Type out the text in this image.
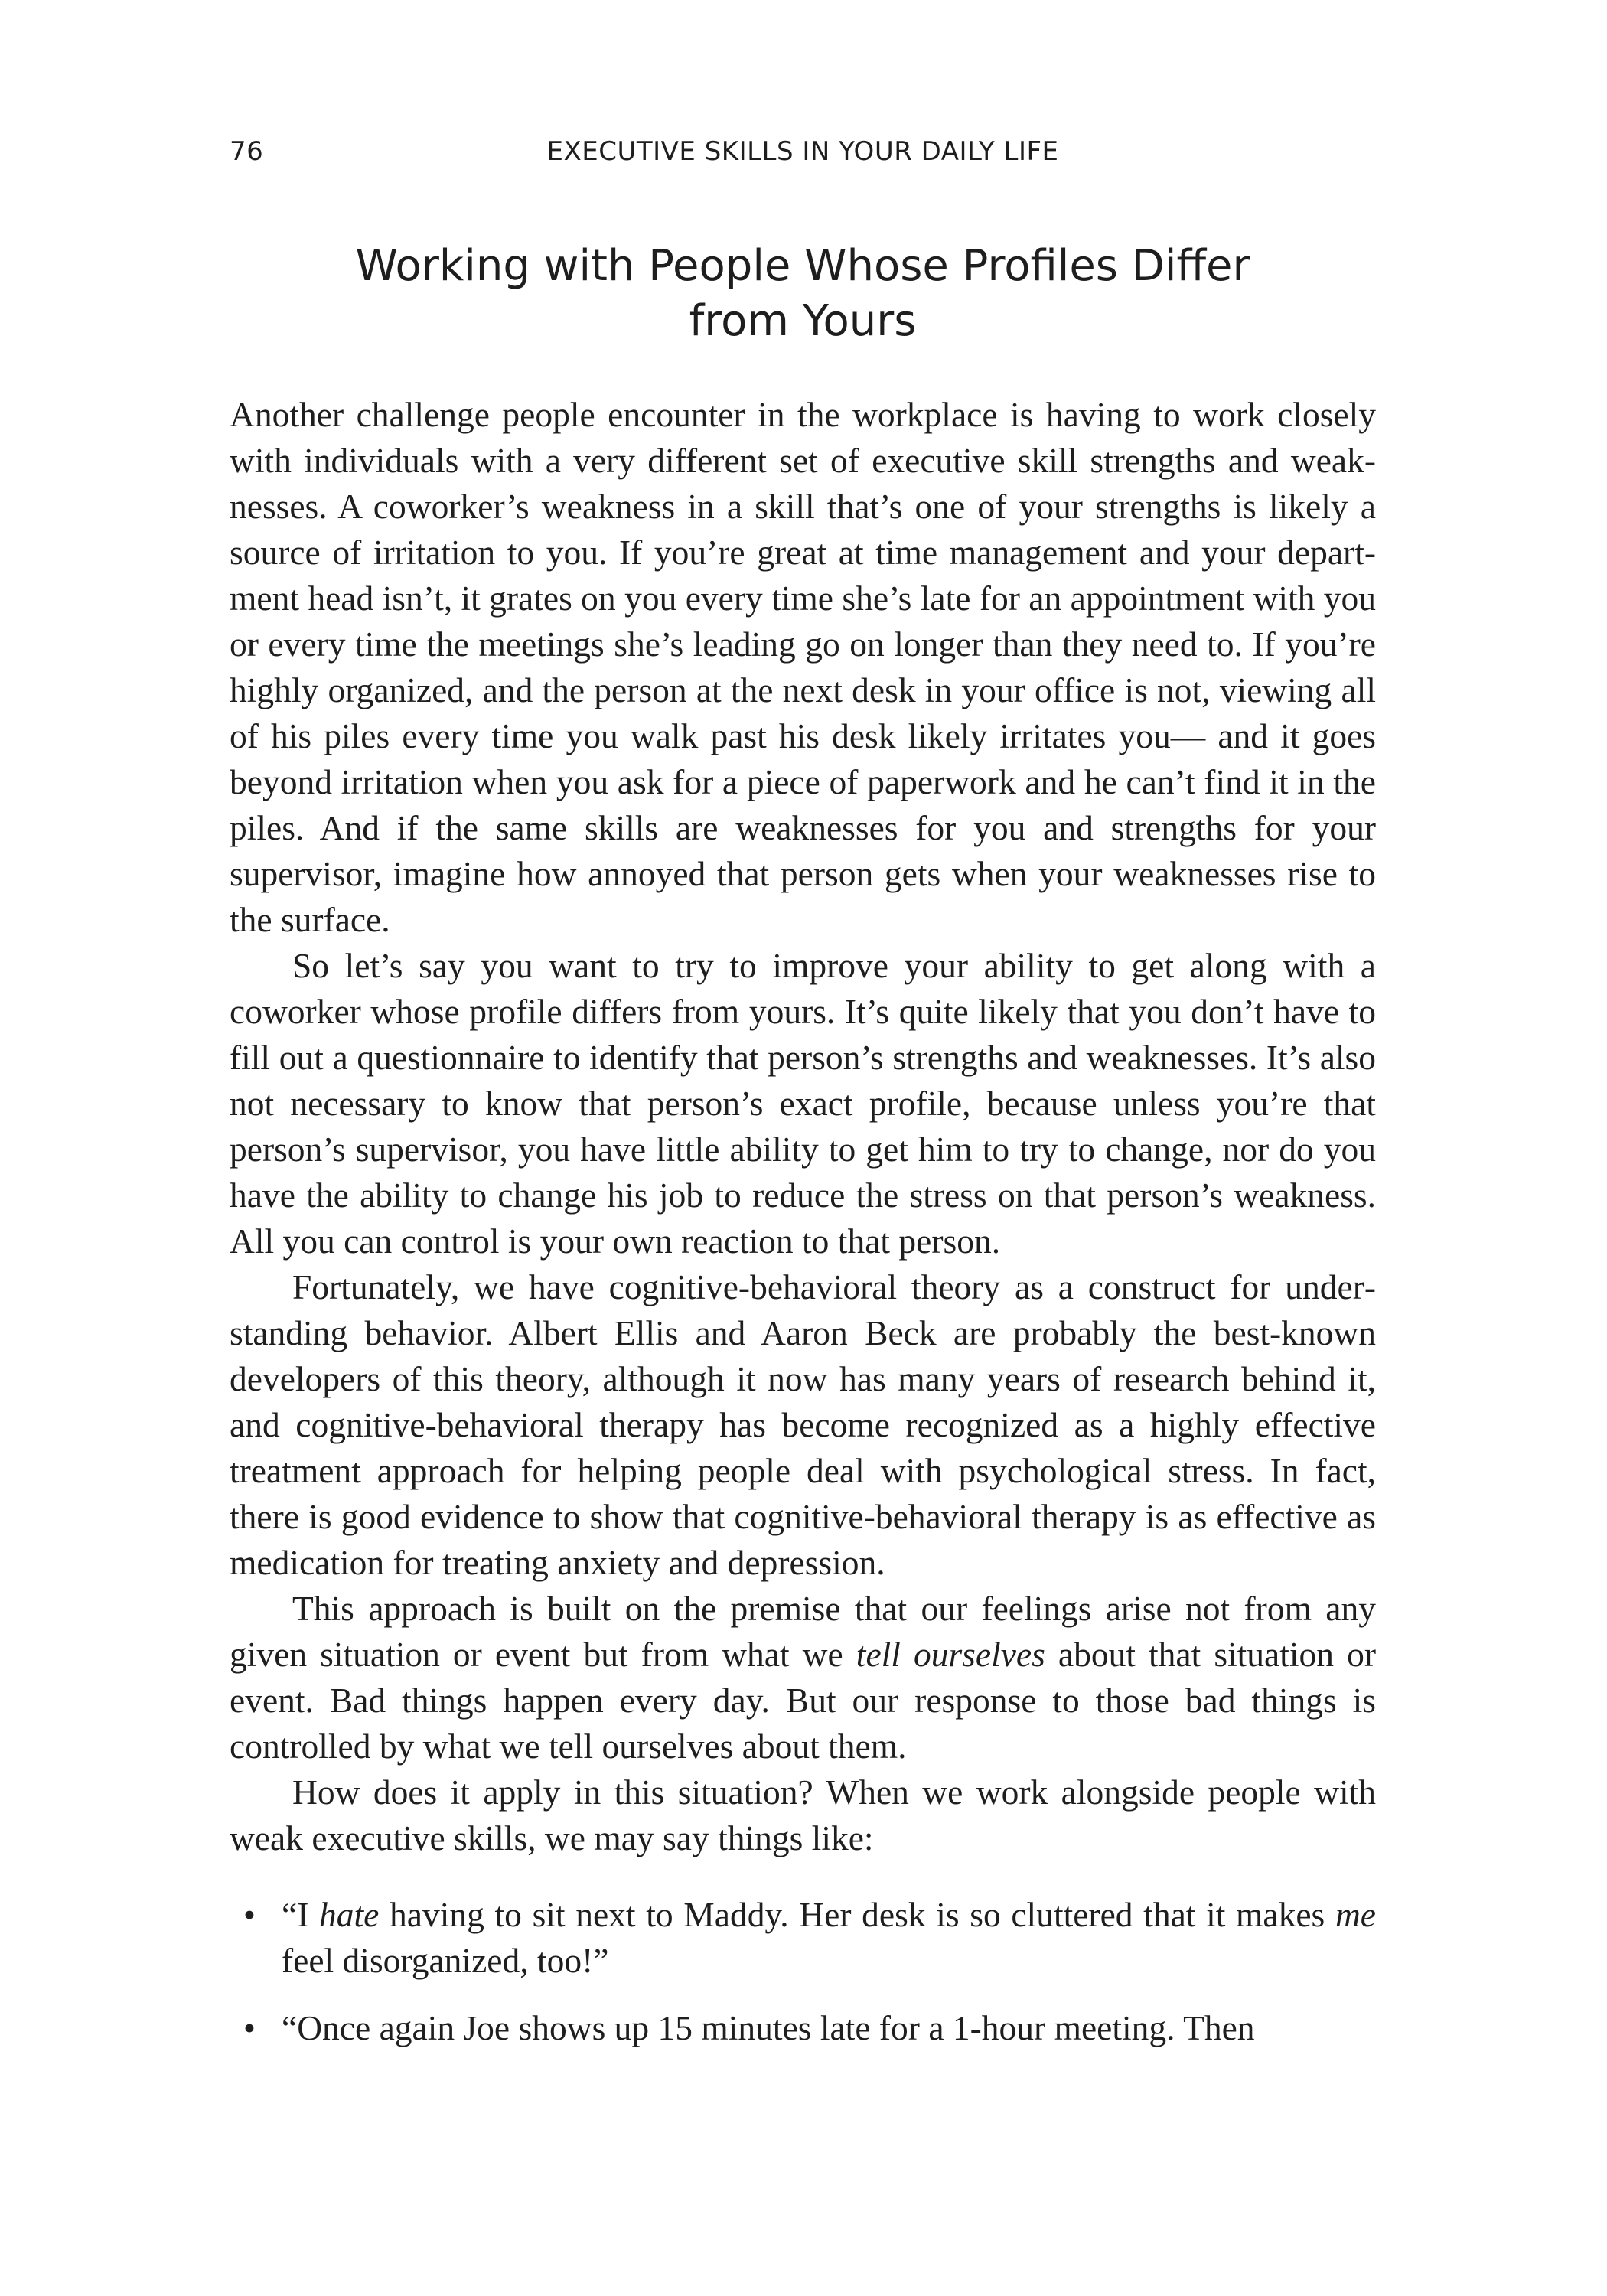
76	EXECUTIVE SKILLS IN YOUR DAILY LIFE
Working with People Whose Profiles Differ
from Yours

Another challenge people encounter in the workplace is having to work closely with individuals with a very different set of executive skill strengths and weaknesses. A coworker’s weakness in a skill that’s one of your strengths is likely a source of irritation to you. If you’re great at time management and your department head isn’t, it grates on you every time she’s late for an appointment with you or every time the meetings she’s leading go on longer than they need to. If you’re highly organized, and the person at the next desk in your office is not, viewing all of his piles every time you walk past his desk likely irritates you— and it goes beyond irritation when you ask for a piece of paperwork and he can’t find it in the piles. And if the same skills are weaknesses for you and strengths for your supervisor, imagine how annoyed that person gets when your weaknesses rise to the surface.

So let’s say you want to try to improve your ability to get along with a coworker whose profile differs from yours. It’s quite likely that you don’t have to fill out a questionnaire to identify that person’s strengths and weaknesses. It’s also not necessary to know that person’s exact profile, because unless you’re that person’s supervisor, you have little ability to get him to try to change, nor do you have the ability to change his job to reduce the stress on that person’s weakness. All you can control is your own reaction to that person.

Fortunately, we have cognitive-behavioral theory as a construct for understanding behavior. Albert Ellis and Aaron Beck are probably the best-known developers of this theory, although it now has many years of research behind it, and cognitive-behavioral therapy has become recognized as a highly effective treatment approach for helping people deal with psychological stress. In fact, there is good evidence to show that cognitive-behavioral therapy is as effective as medication for treating anxiety and depression.

This approach is built on the premise that our feelings arise not from any given situation or event but from what we tell ourselves about that situation or event. Bad things happen every day. But our response to those bad things is controlled by what we tell ourselves about them.

How does it apply in this situation? When we work alongside people with weak executive skills, we may say things like:

• “I hate having to sit next to Maddy. Her desk is so cluttered that it makes me feel disorganized, too!”
• “Once again Joe shows up 15 minutes late for a 1-hour meeting. Then
